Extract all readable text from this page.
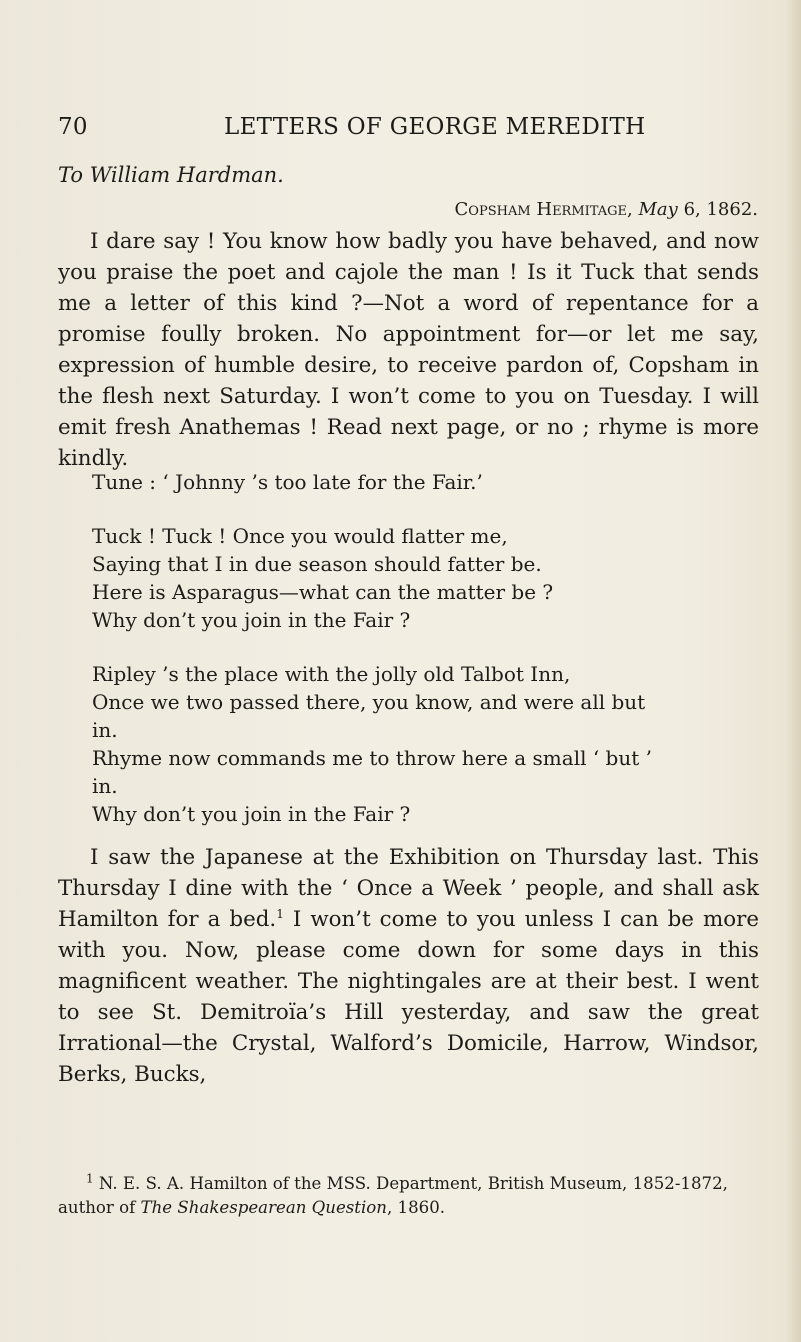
70	LETTERS OF GEORGE MEREDITH
To William Hardman.
Copsham Hermitage, May 6, 1862.

I dare say ! You know how badly you have behaved, and now you praise the poet and cajole the man ! Is it Tuck that sends me a letter of this kind ?—Not a word of repentance for a promise foully broken. No appointment for—or let me say, expression of humble desire, to receive pardon of, Copsham in the flesh next Saturday. I won’t come to you on Tuesday. I will emit fresh Anathemas ! Read next page, or no ; rhyme is more kindly.

Tune : ‘ Johnny ’s too late for the Fair.’
Tuck ! Tuck ! Once you would flatter me,
Saying that I in due season should fatter be.
Here is Asparagus—what can the matter be ?
Why don’t you join in the Fair ?
Ripley ’s the place with the jolly old Talbot Inn,
Once we two passed there, you know, and were all but
in.
Rhyme now commands me to throw here a small ‘ but ’
in.
Why don’t you join in the Fair ?

I saw the Japanese at the Exhibition on Thursday last. This Thursday I dine with the ‘ Once a Week ’ people, and shall ask Hamilton for a bed.$^1$ I won’t come to you unless I can be more with you. Now, please come down for some days in this magnificent weather. The nightingales are at their best. I went to see St. Demitroïa’s Hill yesterday, and saw the great Irrational—the Crystal, Walford’s Domicile, Harrow, Windsor, Berks, Bucks,

$^1$ N. E. S. A. Hamilton of the MSS. Department, British Museum, 1852-1872, author of The Shakespearean Question, 1860.
